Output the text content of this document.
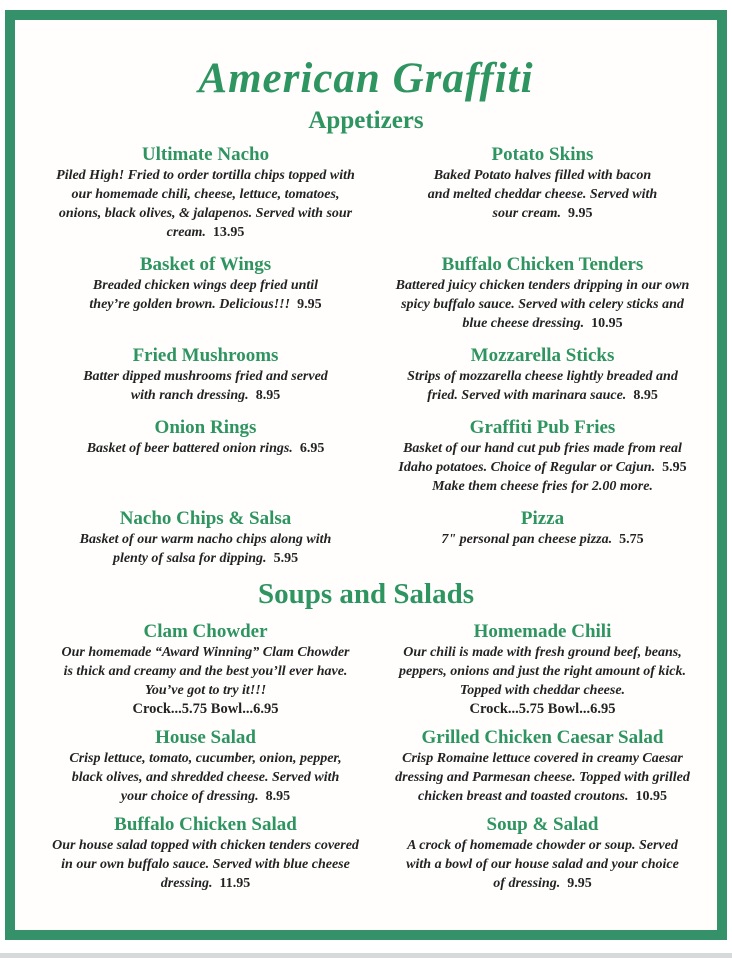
American Graffiti
Appetizers
Ultimate Nacho

Piled High! Fried to order tortilla chips topped with our homemade chili, cheese, lettuce, tomatoes, onions, black olives, & jalapenos. Served with sour cream. 13.95

Potato Skins

Baked Potato halves filled with bacon and melted cheddar cheese. Served with sour cream. 9.95

Basket of Wings

Breaded chicken wings deep fried until they’re golden brown. Delicious!!! 9.95

Buffalo Chicken Tenders

Battered juicy chicken tenders dripping in our own spicy buffalo sauce. Served with celery sticks and blue cheese dressing. 10.95

Fried Mushrooms

Batter dipped mushrooms fried and served with ranch dressing. 8.95

Mozzarella Sticks

Strips of mozzarella cheese lightly breaded and fried. Served with marinara sauce. 8.95

Onion Rings

Basket of beer battered onion rings. 6.95

Graffiti Pub Fries

Basket of our hand cut pub fries made from real Idaho potatoes. Choice of Regular or Cajun. 5.95

Make them cheese fries for 2.00 more.

Nacho Chips & Salsa

Basket of our warm nacho chips along with plenty of salsa for dipping. 5.95

Pizza

7" personal pan cheese pizza. 5.75

Soups and Salads
Clam Chowder

Our homemade “Award Winning” Clam Chowder is thick and creamy and the best you’ll ever have. You’ve got to try it!!!

Crock...5.75 Bowl...6.95

Homemade Chili

Our chili is made with fresh ground beef, beans, peppers, onions and just the right amount of kick. Topped with cheddar cheese.

Crock...5.75 Bowl...6.95

House Salad

Crisp lettuce, tomato, cucumber, onion, pepper, black olives, and shredded cheese. Served with your choice of dressing. 8.95

Grilled Chicken Caesar Salad

Crisp Romaine lettuce covered in creamy Caesar dressing and Parmesan cheese. Topped with grilled chicken breast and toasted croutons. 10.95

Buffalo Chicken Salad

Our house salad topped with chicken tenders covered in our own buffalo sauce. Served with blue cheese dressing. 11.95

Soup & Salad

A crock of homemade chowder or soup. Served with a bowl of our house salad and your choice of dressing. 9.95
